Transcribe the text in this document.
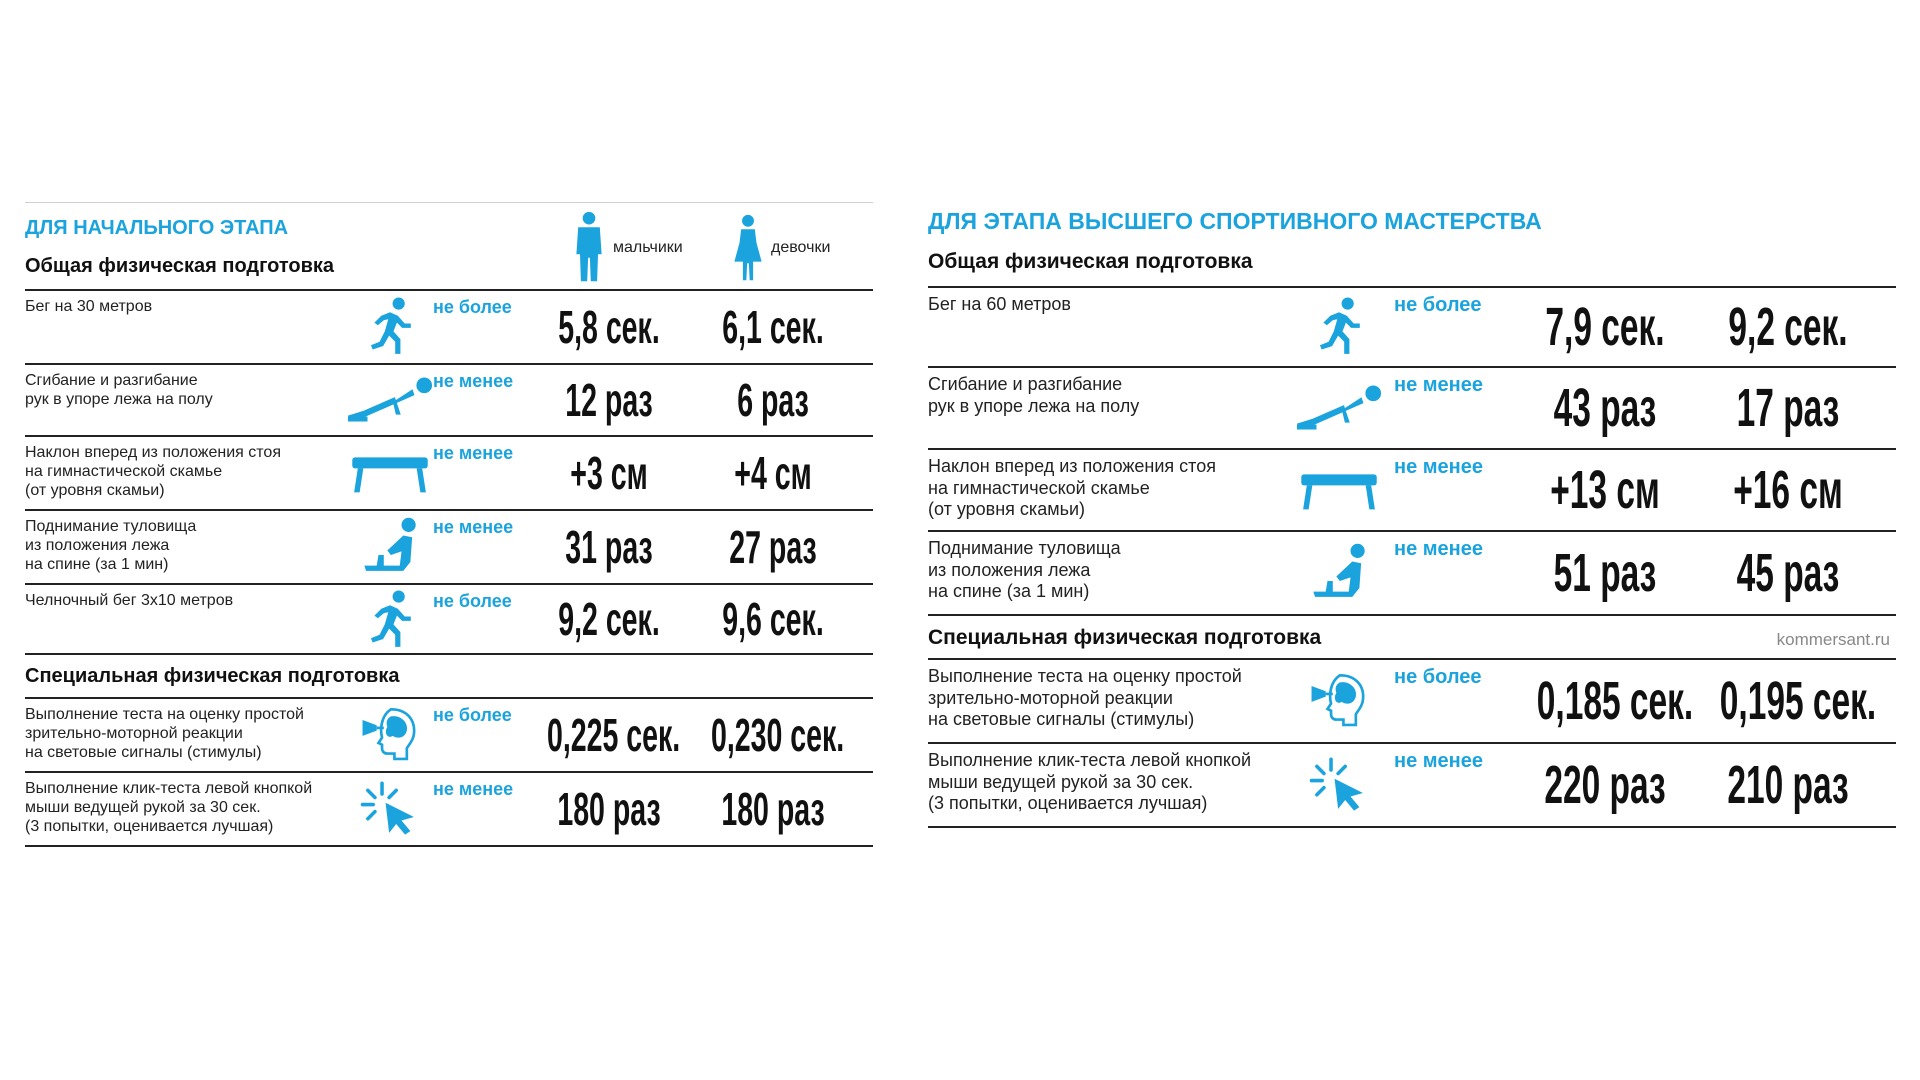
ДЛЯ НАЧАЛЬНОГО ЭТАПА
мальчики	девочки
Общая физическая подготовка
Бег на 30 метров	не более 5,8 сек. 6,1 сек.
Сгибание и разгибание
рук в упоре лежа на полу
не менее	12 раз	6 раз
Наклон вперед из положения стоя
на гимнастической скамье
(от уровня скамьи)
не менее	+3 см	+4 см
Поднимание туловища
из положения лежа
на спине (за 1 мин)
не менее	31 раз	27 раз
Челночный бег 3х10 метров	не более 9,2 сек. 9,6 сек.
Специальная физическая подготовка
Выполнение теста на оценку простой
зрительно-моторной реакции
на световые сигналы (стимулы)
не более 0,225 сек. 0,230 сек.
Выполнение клик-теста левой кнопкой
мыши ведущей рукой за 30 сек.
(3 попытки, оценивается лучшая)
не менее 180 раз 180 раз
ДЛЯ ЭТАПА ВЫСШЕГО СПОРТИВНОГО МАСТЕРСТВА
Общая физическая подготовка
Бег на 60 метров	не более 7,9 сек. 9,2 сек.
Сгибание и разгибание
рук в упоре лежа на полу
не менее	43 раз	17 раз
Наклон вперед из положения стоя
на гимнастической скамье
(от уровня скамьи)
не менее +13 см +16 см
Поднимание туловища
из положения лежа
на спине (за 1 мин)
не менее	51 раз	45 раз
Специальная физическая подготовка	kommersant.ru
Выполнение теста на оценку простой
зрительно-моторной реакции
на световые сигналы (стимулы)
не более 0,185 сек. 0,195 сек.
Выполнение клик-теста левой кнопкой
мыши ведущей рукой за 30 сек.
(3 попытки, оценивается лучшая)
не менее 220 раз 210 раз
